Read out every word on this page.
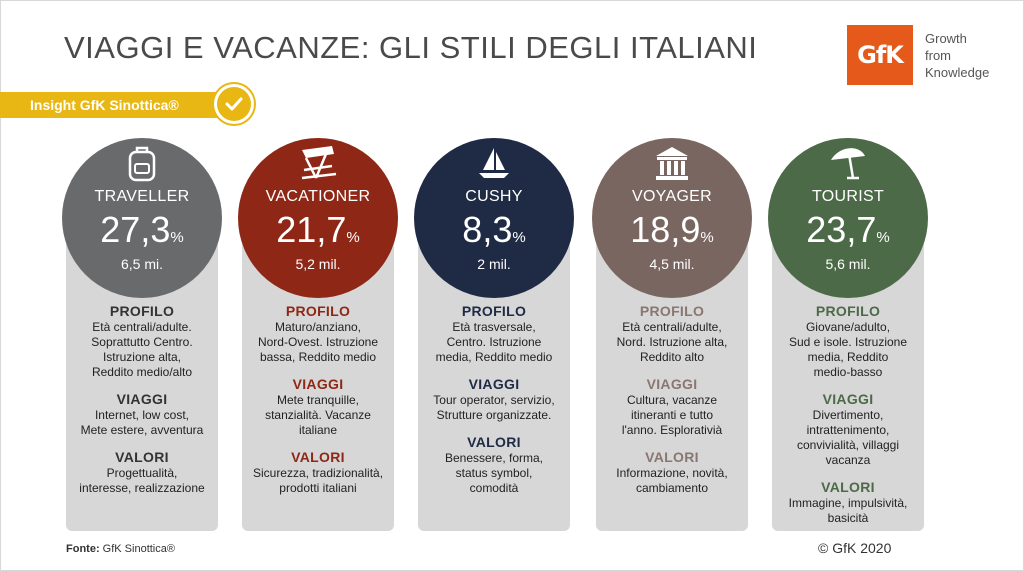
VIAGGI E VACANZE: GLI STILI DEGLI ITALIANI	GfK
Growth
from
Knowledge
Insight GfK Sinottica®
TRAVELLER
27,3%
6,5 mi.
PROFILO
Età centrali/adulte.
Soprattutto Centro.
Istruzione alta,
Reddito medio/alto
VIAGGI
Internet, low cost,
Mete estere, avventura
VALORI
Progettualità,
interesse, realizzazione
VACATIONER
21,7%
5,2 mil.
PROFILO
Maturo/anziano,
Nord-Ovest. Istruzione
bassa, Reddito medio
VIAGGI
Mete tranquille,
stanzialità. Vacanze
italiane
VALORI
Sicurezza, tradizionalità,
prodotti italiani
CUSHY
8,3%
2 mil.
PROFILO
Età trasversale,
Centro. Istruzione
media, Reddito medio
VIAGGI
Tour operator, servizio,
Strutture organizzate.
VALORI
Benessere, forma,
status symbol,
comodità
VOYAGER
18,9%
4,5 mil.
PROFILO
Età centrali/adulte,
Nord. Istruzione alta,
Reddito alto
VIAGGI
Cultura, vacanze
itineranti e tutto
l'anno. Esplorativià
VALORI
Informazione, novità,
cambiamento
TOURIST
23,7%
5,6 mil.
PROFILO
Giovane/adulto,
Sud e isole. Istruzione
media, Reddito
medio-basso
VIAGGI
Divertimento,
intrattenimento,
convivialità, villaggi
vacanza
VALORI
Immagine, impulsività,
basicità
Fonte: GfK Sinottica®	© GfK 2020
